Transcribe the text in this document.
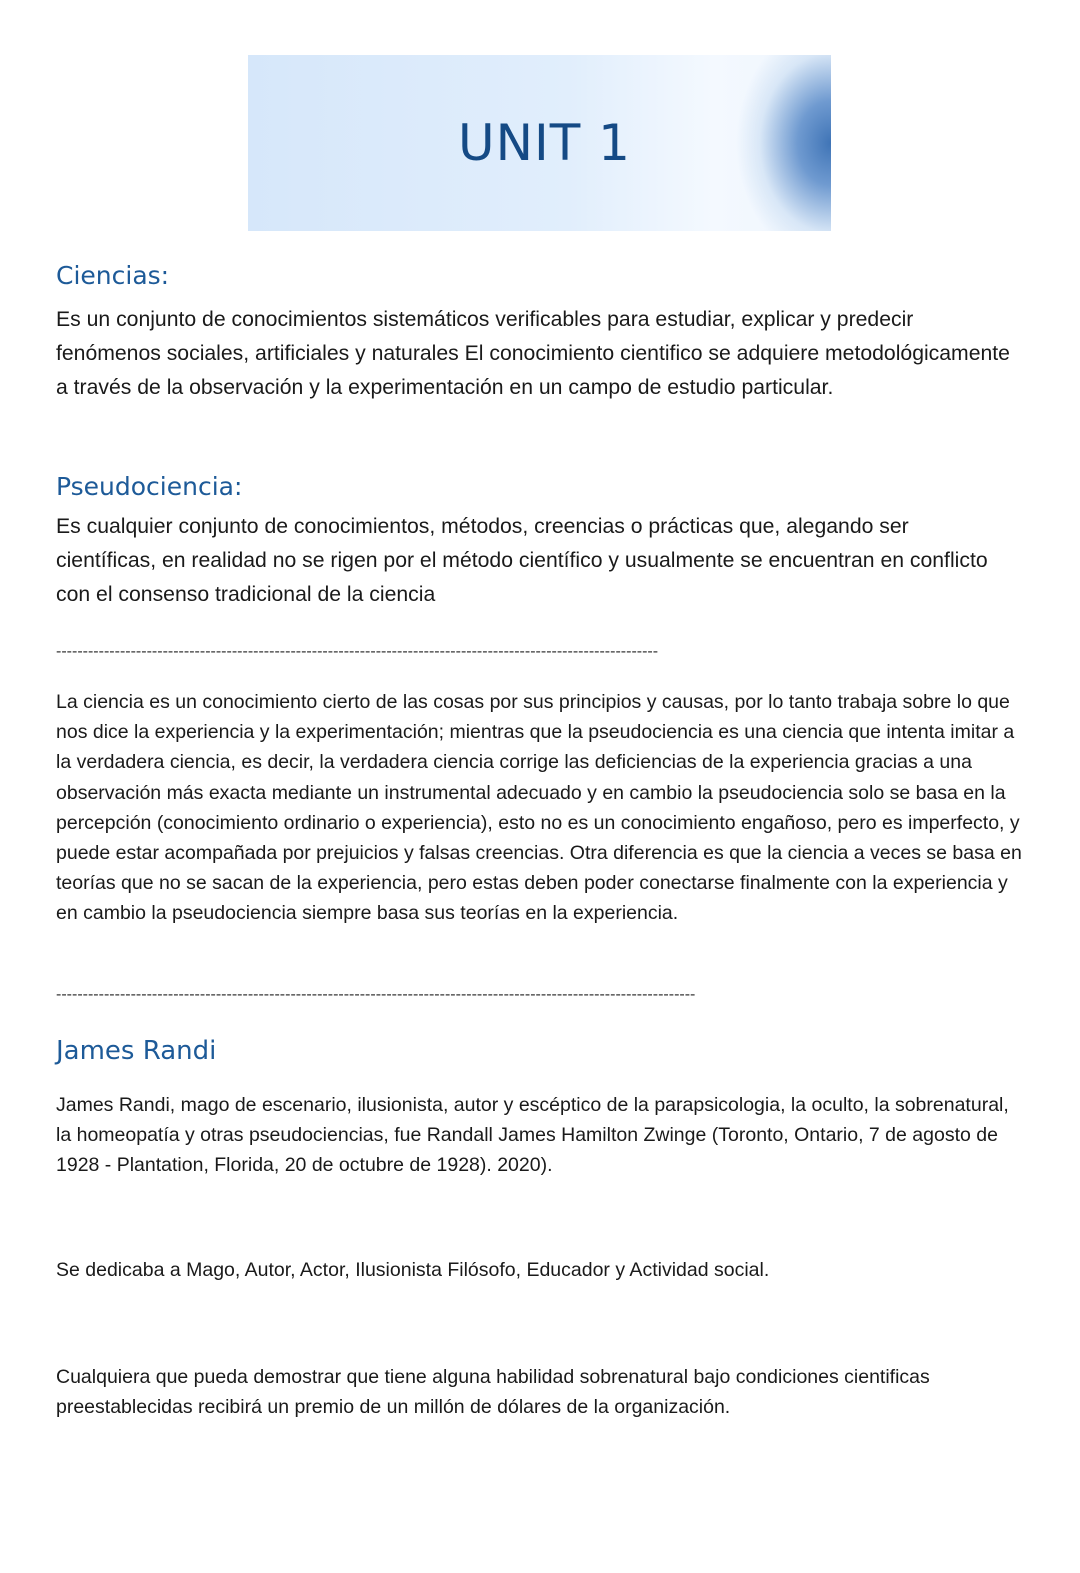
UNIT 1
Ciencias:

Es un conjunto de conocimientos sistemáticos verificables para estudiar, explicar y predecir fenómenos sociales, artificiales y naturales El conocimiento cientifico se adquiere metodológicamente a través de la observación y la experimentación en un campo de estudio particular.

Pseudociencia:

Es cualquier conjunto de conocimientos, métodos, creencias o prácticas que, alegando ser científicas, en realidad no se rigen por el método científico y usualmente se encuentran en conflicto con el consenso tradicional de la ciencia

-----------------------------------------------------------------------------------------------------------------

La ciencia es un conocimiento cierto de las cosas por sus principios y causas, por lo tanto trabaja sobre lo que nos dice la experiencia y la experimentación; mientras que la pseudociencia es una ciencia que intenta imitar a la verdadera ciencia, es decir, la verdadera ciencia corrige las deficiencias de la experiencia gracias a una observación más exacta mediante un instrumental adecuado y en cambio la pseudociencia solo se basa en la percepción (conocimiento ordinario o experiencia), esto no es un conocimiento engañoso, pero es imperfecto, y puede estar acompañada por prejuicios y falsas creencias. Otra diferencia es que la ciencia a veces se basa en teorías que no se sacan de la experiencia, pero estas deben poder conectarse finalmente con la experiencia y en cambio la pseudociencia siempre basa sus teorías en la experiencia.

------------------------------------------------------------------------------------------------------------------------
James Randi

James Randi, mago de escenario, ilusionista, autor y escéptico de la parapsicologia, la oculto, la sobrenatural, la homeopatía y otras pseudociencias, fue Randall James Hamilton Zwinge (Toronto, Ontario, 7 de agosto de 1928 - Plantation, Florida, 20 de octubre de 1928). 2020).

Se dedicaba a Mago, Autor, Actor, Ilusionista Filósofo, Educador y Actividad social.

Cualquiera que pueda demostrar que tiene alguna habilidad sobrenatural bajo condiciones cientificas preestablecidas recibirá un premio de un millón de dólares de la organización.
